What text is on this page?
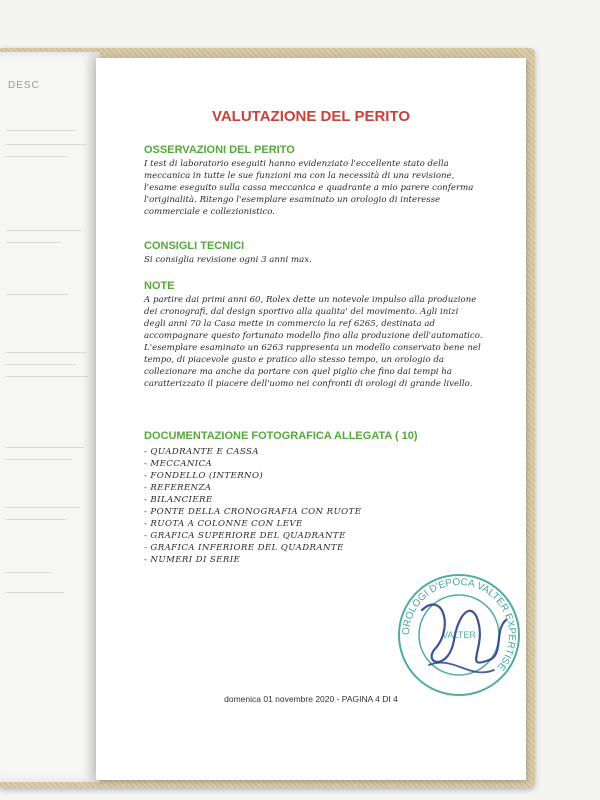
DESC
VALUTAZIONE DEL PERITO
OSSERVAZIONI DEL PERITO

I test di laboratorio eseguiti hanno evidenziato l'eccellente stato della

meccanica in tutte le sue funzioni ma con la necessità di una revisione,

l'esame eseguito sulla cassa meccanica e quadrante a mio parere conferma

l'originalità. Ritengo l'esemplare esaminato un orologio di interesse

commerciale e collezionistico.

CONSIGLI TECNICI

Si consiglia revisione ogni 3 anni max.

NOTE

A partire dai primi anni 60, Rolex dette un notevole impulso alla produzione

dei cronografi, dal design sportivo alla qualita' del movimento. Agli inizi

degli anni 70 la Casa mette in commercio la ref 6265, destinata ad

accompagnare questo fortunato modello fino alla produzione dell'automatico.

L'esemplare esaminato un 6263 rappresenta un modello conservato bene nel

tempo, di piacevole gusto e pratico allo stesso tempo, un orologio da

collezionare ma anche da portare con quel piglio che fino dai tempi ha

caratterizzato il piacere dell'uomo nei confronti di orologi di grande livello.

DOCUMENTAZIONE FOTOGRAFICA ALLEGATA ( 10)
- QUADRANTE E CASSA
- MECCANICA
- FONDELLO (INTERNO)
- REFERENZA
- BILANCIERE
- PONTE DELLA CRONOGRAFIA CON RUOTE
- RUOTA A COLONNE CON LEVE
- GRAFICA SUPERIORE DEL QUADRANTE
- GRAFICA INFERIORE DEL QUADRANTE
- NUMERI DI SERIE
domenica 01 novembre 2020 - PAGINA 4 DI 4
OROLOGI D'EPOCA VALTER EXPERTISE
VALTER
